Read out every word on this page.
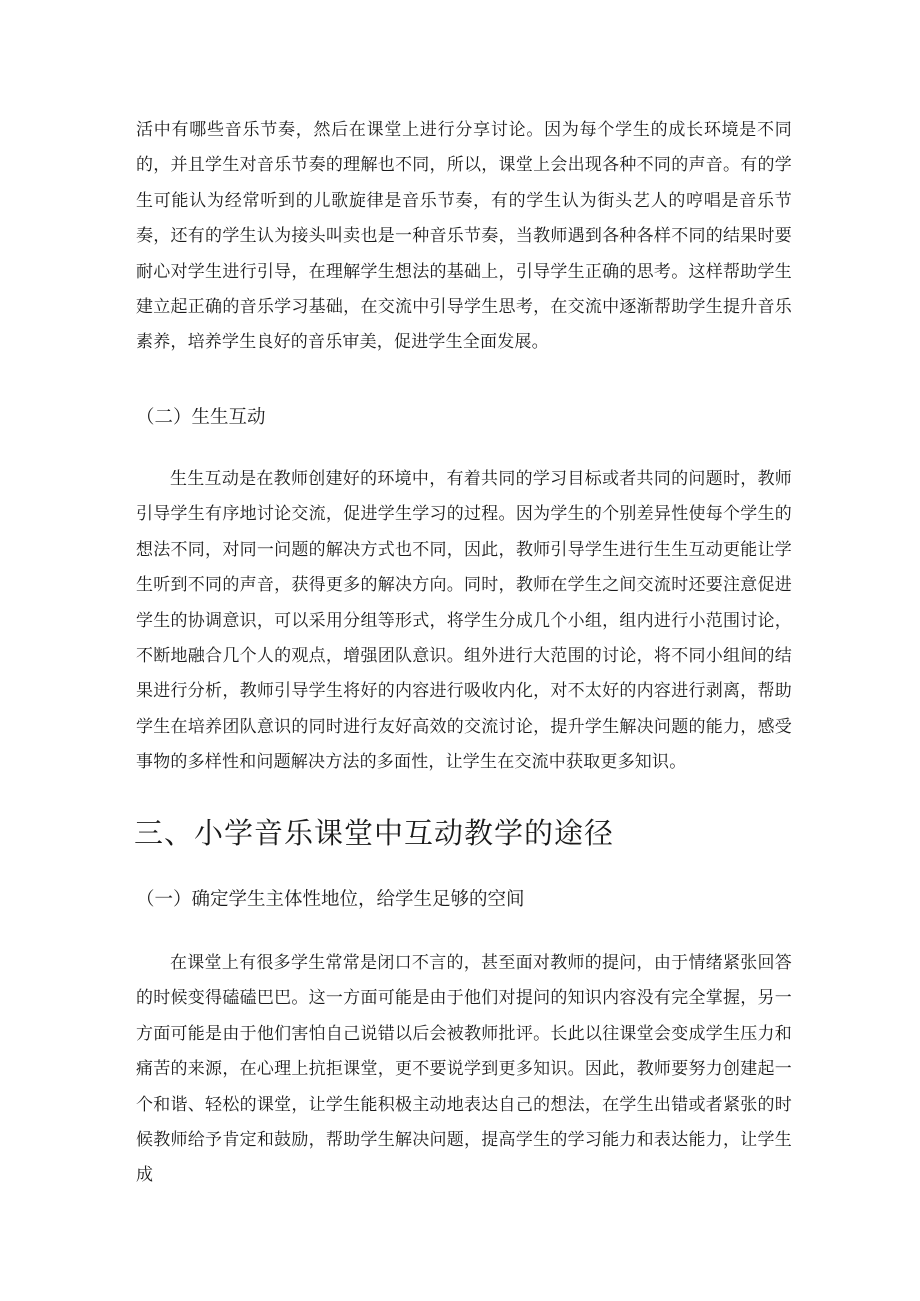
活中有哪些音乐节奏，然后在课堂上进行分享讨论。因为每个学生的成长环境是不同的，并且学生对音乐节奏的理解也不同，所以，课堂上会出现各种不同的声音。有的学生可能认为经常听到的儿歌旋律是音乐节奏，有的学生认为街头艺人的哼唱是音乐节奏，还有的学生认为接头叫卖也是一种音乐节奏，当教师遇到各种各样不同的结果时要耐心对学生进行引导，在理解学生想法的基础上，引导学生正确的思考。这样帮助学生建立起正确的音乐学习基础，在交流中引导学生思考，在交流中逐渐帮助学生提升音乐素养，培养学生良好的音乐审美，促进学生全面发展。

（二）生生互动

生生互动是在教师创建好的环境中，有着共同的学习目标或者共同的问题时，教师引导学生有序地讨论交流，促进学生学习的过程。因为学生的个别差异性使每个学生的想法不同，对同一问题的解决方式也不同，因此，教师引导学生进行生生互动更能让学生听到不同的声音，获得更多的解决方向。同时，教师在学生之间交流时还要注意促进学生的协调意识，可以采用分组等形式，将学生分成几个小组，组内进行小范围讨论，不断地融合几个人的观点，增强团队意识。组外进行大范围的讨论，将不同小组间的结果进行分析，教师引导学生将好的内容进行吸收内化，对不太好的内容进行剥离，帮助学生在培养团队意识的同时进行友好高效的交流讨论，提升学生解决问题的能力，感受事物的多样性和问题解决方法的多面性，让学生在交流中获取更多知识。

三、小学音乐课堂中互动教学的途径
（一）确定学生主体性地位，给学生足够的空间

在课堂上有很多学生常常是闭口不言的，甚至面对教师的提问，由于情绪紧张回答的时候变得磕磕巴巴。这一方面可能是由于他们对提问的知识内容没有完全掌握，另一方面可能是由于他们害怕自己说错以后会被教师批评。长此以往课堂会变成学生压力和痛苦的来源，在心理上抗拒课堂，更不要说学到更多知识。因此，教师要努力创建起一个和谐、轻松的课堂，让学生能积极主动地表达自己的想法，在学生出错或者紧张的时候教师给予肯定和鼓励，帮助学生解决问题，提高学生的学习能力和表达能力，让学生成
